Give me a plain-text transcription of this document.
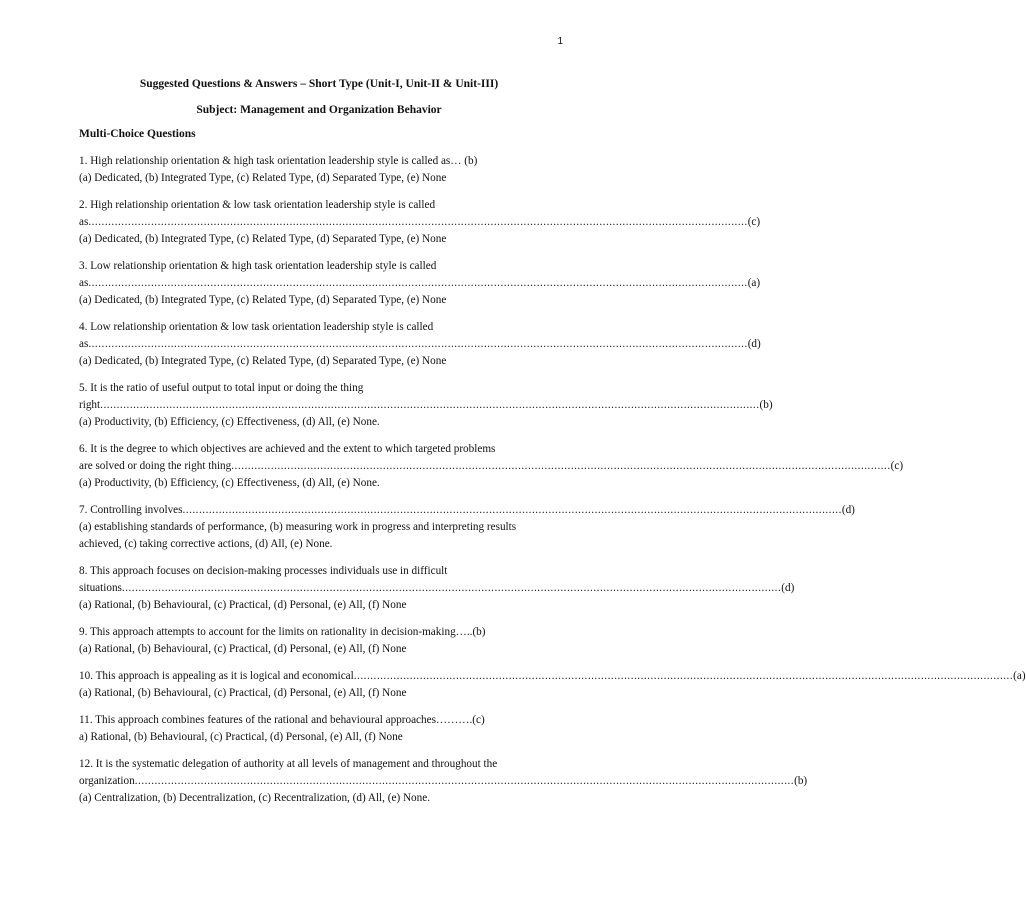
1
Suggested Questions & Answers – Short Type (Unit-I, Unit-II & Unit-III)
Subject: Management and Organization Behavior
Multi-Choice Questions
1. High relationship orientation & high task orientation leadership style is called as… (b)
(a) Dedicated, (b) Integrated Type, (c) Related Type, (d) Separated Type, (e) None
2. High relationship orientation & low task orientation leadership style is called
as ........................................................................................................................................................................................................ (c)
(a) Dedicated, (b) Integrated Type, (c) Related Type, (d) Separated Type, (e) None
3. Low relationship orientation & high task orientation leadership style is called
as ........................................................................................................................................................................................................ (a)
(a) Dedicated, (b) Integrated Type, (c) Related Type, (d) Separated Type, (e) None
4. Low relationship orientation & low task orientation leadership style is called
as ........................................................................................................................................................................................................ (d)
(a) Dedicated, (b) Integrated Type, (c) Related Type, (d) Separated Type, (e) None
5. It is the ratio of useful output to total input or doing the thing
right ........................................................................................................................................................................................................ (b)
(a) Productivity, (b) Efficiency, (c) Effectiveness, (d) All, (e) None.
6. It is the degree to which objectives are achieved and the extent to which targeted problems
are solved or doing the right thing ........................................................................................................................................................................................................ (c)
(a) Productivity, (b) Efficiency, (c) Effectiveness, (d) All, (e) None.
7. Controlling involves ........................................................................................................................................................................................................ (d)
(a) establishing standards of performance, (b) measuring work in progress and interpreting results achieved, (c) taking corrective actions, (d) All, (e) None.
8. This approach focuses on decision-making processes individuals use in difficult
situations ........................................................................................................................................................................................................ (d)
(a) Rational, (b) Behavioural, (c) Practical, (d) Personal, (e) All, (f) None
9. This approach attempts to account for the limits on rationality in decision-making…..(b)
(a) Rational, (b) Behavioural, (c) Practical, (d) Personal, (e) All, (f) None
10. This approach is appealing as it is logical and economical ........................................................................................................................................................................................................ (a)
(a) Rational, (b) Behavioural, (c) Practical, (d) Personal, (e) All, (f) None
11. This approach combines features of the rational and behavioural approaches……….(c)
a) Rational, (b) Behavioural, (c) Practical, (d) Personal, (e) All, (f) None
12. It is the systematic delegation of authority at all levels of management and throughout the
organization ........................................................................................................................................................................................................ (b)
(a) Centralization, (b) Decentralization, (c) Recentralization, (d) All, (e) None.
